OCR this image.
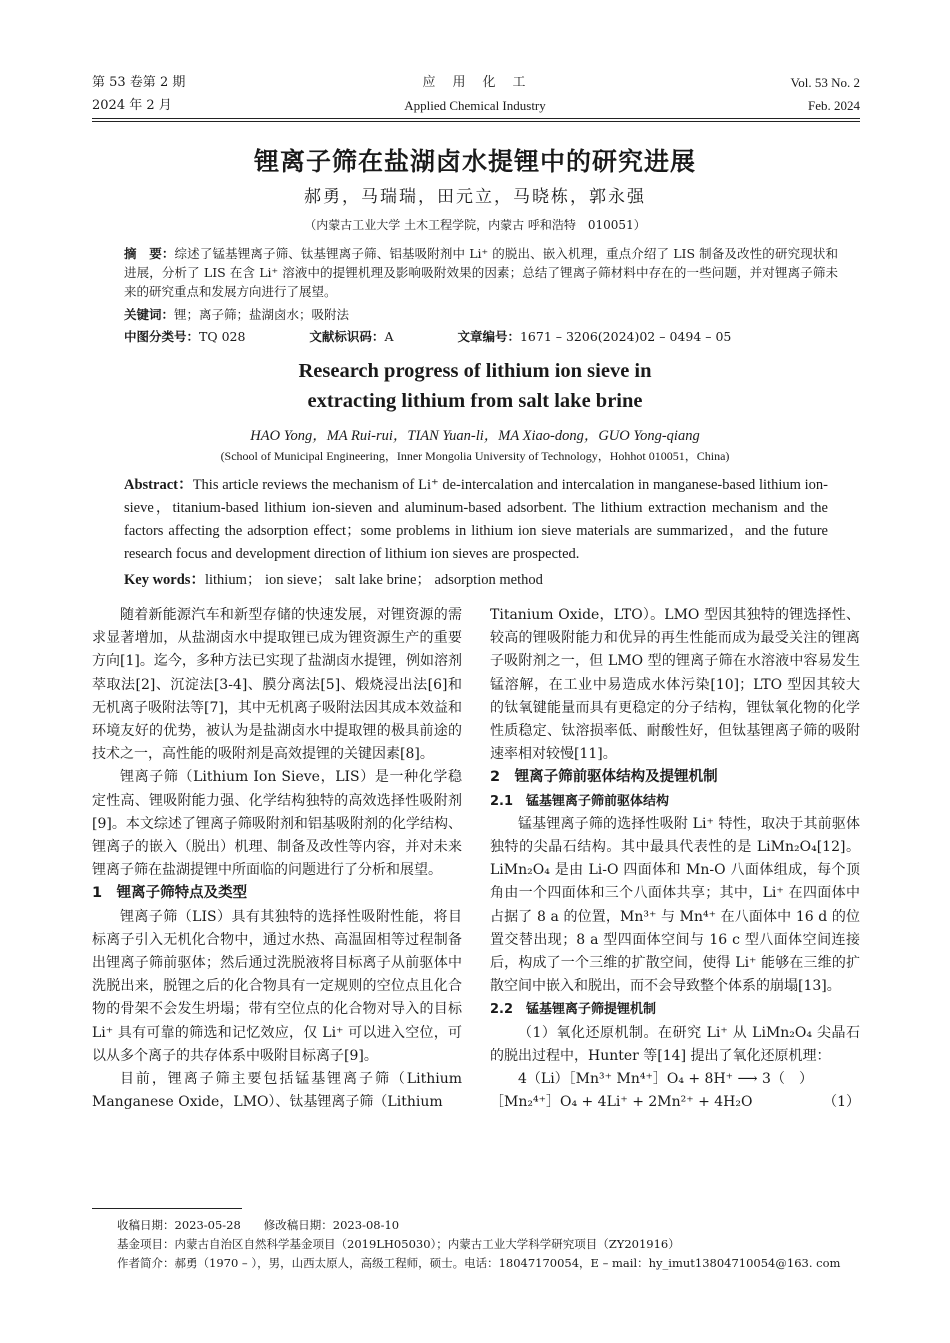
第 53 卷第 2 期
2024 年 2 月
应　用　化　工
Applied Chemical Industry
Vol. 53 No. 2
Feb. 2024
锂离子筛在盐湖卤水提锂中的研究进展
郝勇，马瑞瑞，田元立，马晓栋，郭永强
（内蒙古工业大学 土木工程学院，内蒙古 呼和浩特　010051）
摘　要：综述了锰基锂离子筛、钛基锂离子筛、铝基吸附剂中 Li⁺ 的脱出、嵌入机理，重点介绍了 LIS 制备及改性的研究现状和进展，分析了 LIS 在含 Li⁺ 溶液中的提锂机理及影响吸附效果的因素；总结了锂离子筛材料中存在的一些问题，并对锂离子筛未来的研究重点和发展方向进行了展望。
关键词：锂；离子筛；盐湖卤水；吸附法
中图分类号：TQ 028	文献标识码：A	文章编号：1671 – 3206(2024)02 – 0494 – 05
Research progress of lithium ion sieve in
extracting lithium from salt lake brine
HAO Yong，MA Rui-rui，TIAN Yuan-li，MA Xiao-dong，GUO Yong-qiang
(School of Municipal Engineering，Inner Mongolia University of Technology，Hohhot 010051，China)
Abstract：This article reviews the mechanism of Li⁺ de-intercalation and intercalation in manganese-based lithium ion-sieve，titanium-based lithium ion-sieven and aluminum-based adsorbent. The lithium extraction mechanism and the factors affecting the adsorption effect；some problems in lithium ion sieve materials are summarized，and the future research focus and development direction of lithium ion sieves are prospected.
Key words：lithium； ion sieve； salt lake brine； adsorption method

随着新能源汽车和新型存储的快速发展，对锂资源的需求显著增加，从盐湖卤水中提取锂已成为锂资源生产的重要方向[1]。迄今，多种方法已实现了盐湖卤水提锂，例如溶剂萃取法[2]、沉淀法[3-4]、膜分离法[5]、煅烧浸出法[6]和无机离子吸附法等[7]，其中无机离子吸附法因其成本效益和环境友好的优势，被认为是盐湖卤水中提取锂的极具前途的技术之一，高性能的吸附剂是高效提锂的关键因素[8]。

锂离子筛（Lithium Ion Sieve，LIS）是一种化学稳定性高、锂吸附能力强、化学结构独特的高效选择性吸附剂[9]。本文综述了锂离子筛吸附剂和铝基吸附剂的化学结构、锂离子的嵌入（脱出）机理、制备及改性等内容，并对未来锂离子筛在盐湖提锂中所面临的问题进行了分析和展望。

1　锂离子筛特点及类型

锂离子筛（LIS）具有其独特的选择性吸附性能，将目标离子引入无机化合物中，通过水热、高温固相等过程制备出锂离子筛前驱体；然后通过洗脱液将目标离子从前驱体中洗脱出来，脱锂之后的化合物具有一定规则的空位点且化合物的骨架不会发生坍塌；带有空位点的化合物对导入的目标 Li⁺ 具有可靠的筛选和记忆效应，仅 Li⁺ 可以进入空位，可以从多个离子的共存体系中吸附目标离子[9]。

目前，锂离子筛主要包括锰基锂离子筛（Lithium Manganese Oxide，LMO）、钛基锂离子筛（Lithium

Titanium Oxide，LTO）。LMO 型因其独特的锂选择性、较高的锂吸附能力和优异的再生性能而成为最受关注的锂离子吸附剂之一，但 LMO 型的锂离子筛在水溶液中容易发生锰溶解，在工业中易造成水体污染[10]；LTO 型因其较大的钛氧键能量而具有更稳定的分子结构，锂钛氧化物的化学性质稳定、钛溶损率低、耐酸性好，但钛基锂离子筛的吸附速率相对较慢[11]。

2　锂离子筛前驱体结构及提锂机制

2.1　锰基锂离子筛前驱体结构

锰基锂离子筛的选择性吸附 Li⁺ 特性，取决于其前驱体独特的尖晶石结构。其中最具代表性的是 LiMn₂O₄[12]。LiMn₂O₄ 是由 Li-O 四面体和 Mn-O 八面体组成，每个顶角由一个四面体和三个八面体共享；其中，Li⁺ 在四面体中占据了 8 a 的位置，Mn³⁺ 与 Mn⁴⁺ 在八面体中 16 d 的位置交替出现；8 a 型四面体空间与 16 c 型八面体空间连接后，构成了一个三维的扩散空间，使得 Li⁺ 能够在三维的扩散空间中嵌入和脱出，而不会导致整个体系的崩塌[13]。

2.2　锰基锂离子筛提锂机制

（1）氧化还原机制。在研究 Li⁺ 从 LiMn₂O₄ 尖晶石的脱出过程中，Hunter 等[14] 提出了氧化还原机理：

4（Li）［Mn³⁺ Mn⁴⁺］O₄ + 8H⁺ ⟶ 3（　）

［Mn₂⁴⁺］O₄ + 4Li⁺ + 2Mn²⁺ + 4H₂O	（1）

收稿日期：2023-05-28　　修改稿日期：2023-08-10
基金项目：内蒙古自治区自然科学基金项目（2019LH05030）；内蒙古工业大学科学研究项目（ZY201916）
作者简介：郝勇（1970 – ），男，山西太原人，高级工程师，硕士。电话：18047170054，E – mail：hy_imut13804710054@163. com
